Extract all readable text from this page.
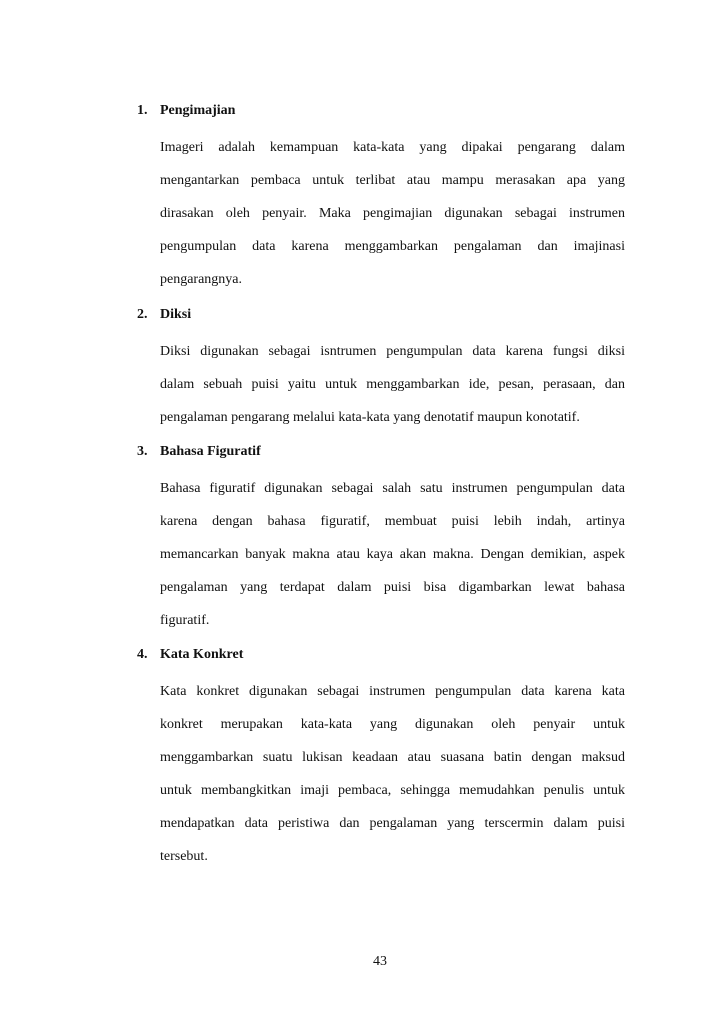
1. Pengimajian
Imageri adalah kemampuan kata-kata yang dipakai pengarang dalam
mengantarkan pembaca untuk terlibat atau mampu merasakan apa yang
dirasakan oleh penyair. Maka pengimajian digunakan sebagai instrumen
pengumpulan data karena menggambarkan pengalaman dan imajinasi
pengarangnya.
2. Diksi
Diksi digunakan sebagai isntrumen pengumpulan data karena fungsi diksi
dalam sebuah puisi yaitu untuk menggambarkan ide, pesan, perasaan, dan
pengalaman pengarang melalui kata-kata yang denotatif maupun konotatif.
3. Bahasa Figuratif
Bahasa figuratif digunakan sebagai salah satu instrumen pengumpulan data
karena dengan bahasa figuratif, membuat puisi lebih indah, artinya
memancarkan banyak makna atau kaya akan makna. Dengan demikian, aspek
pengalaman yang terdapat dalam puisi bisa digambarkan lewat bahasa
figuratif.
4. Kata Konkret
Kata konkret digunakan sebagai instrumen pengumpulan data karena kata
konkret merupakan kata-kata yang digunakan oleh penyair untuk
menggambarkan suatu lukisan keadaan atau suasana batin dengan maksud
untuk membangkitkan imaji pembaca, sehingga memudahkan penulis untuk
mendapatkan data peristiwa dan pengalaman yang terscermin dalam puisi
tersebut.
43
